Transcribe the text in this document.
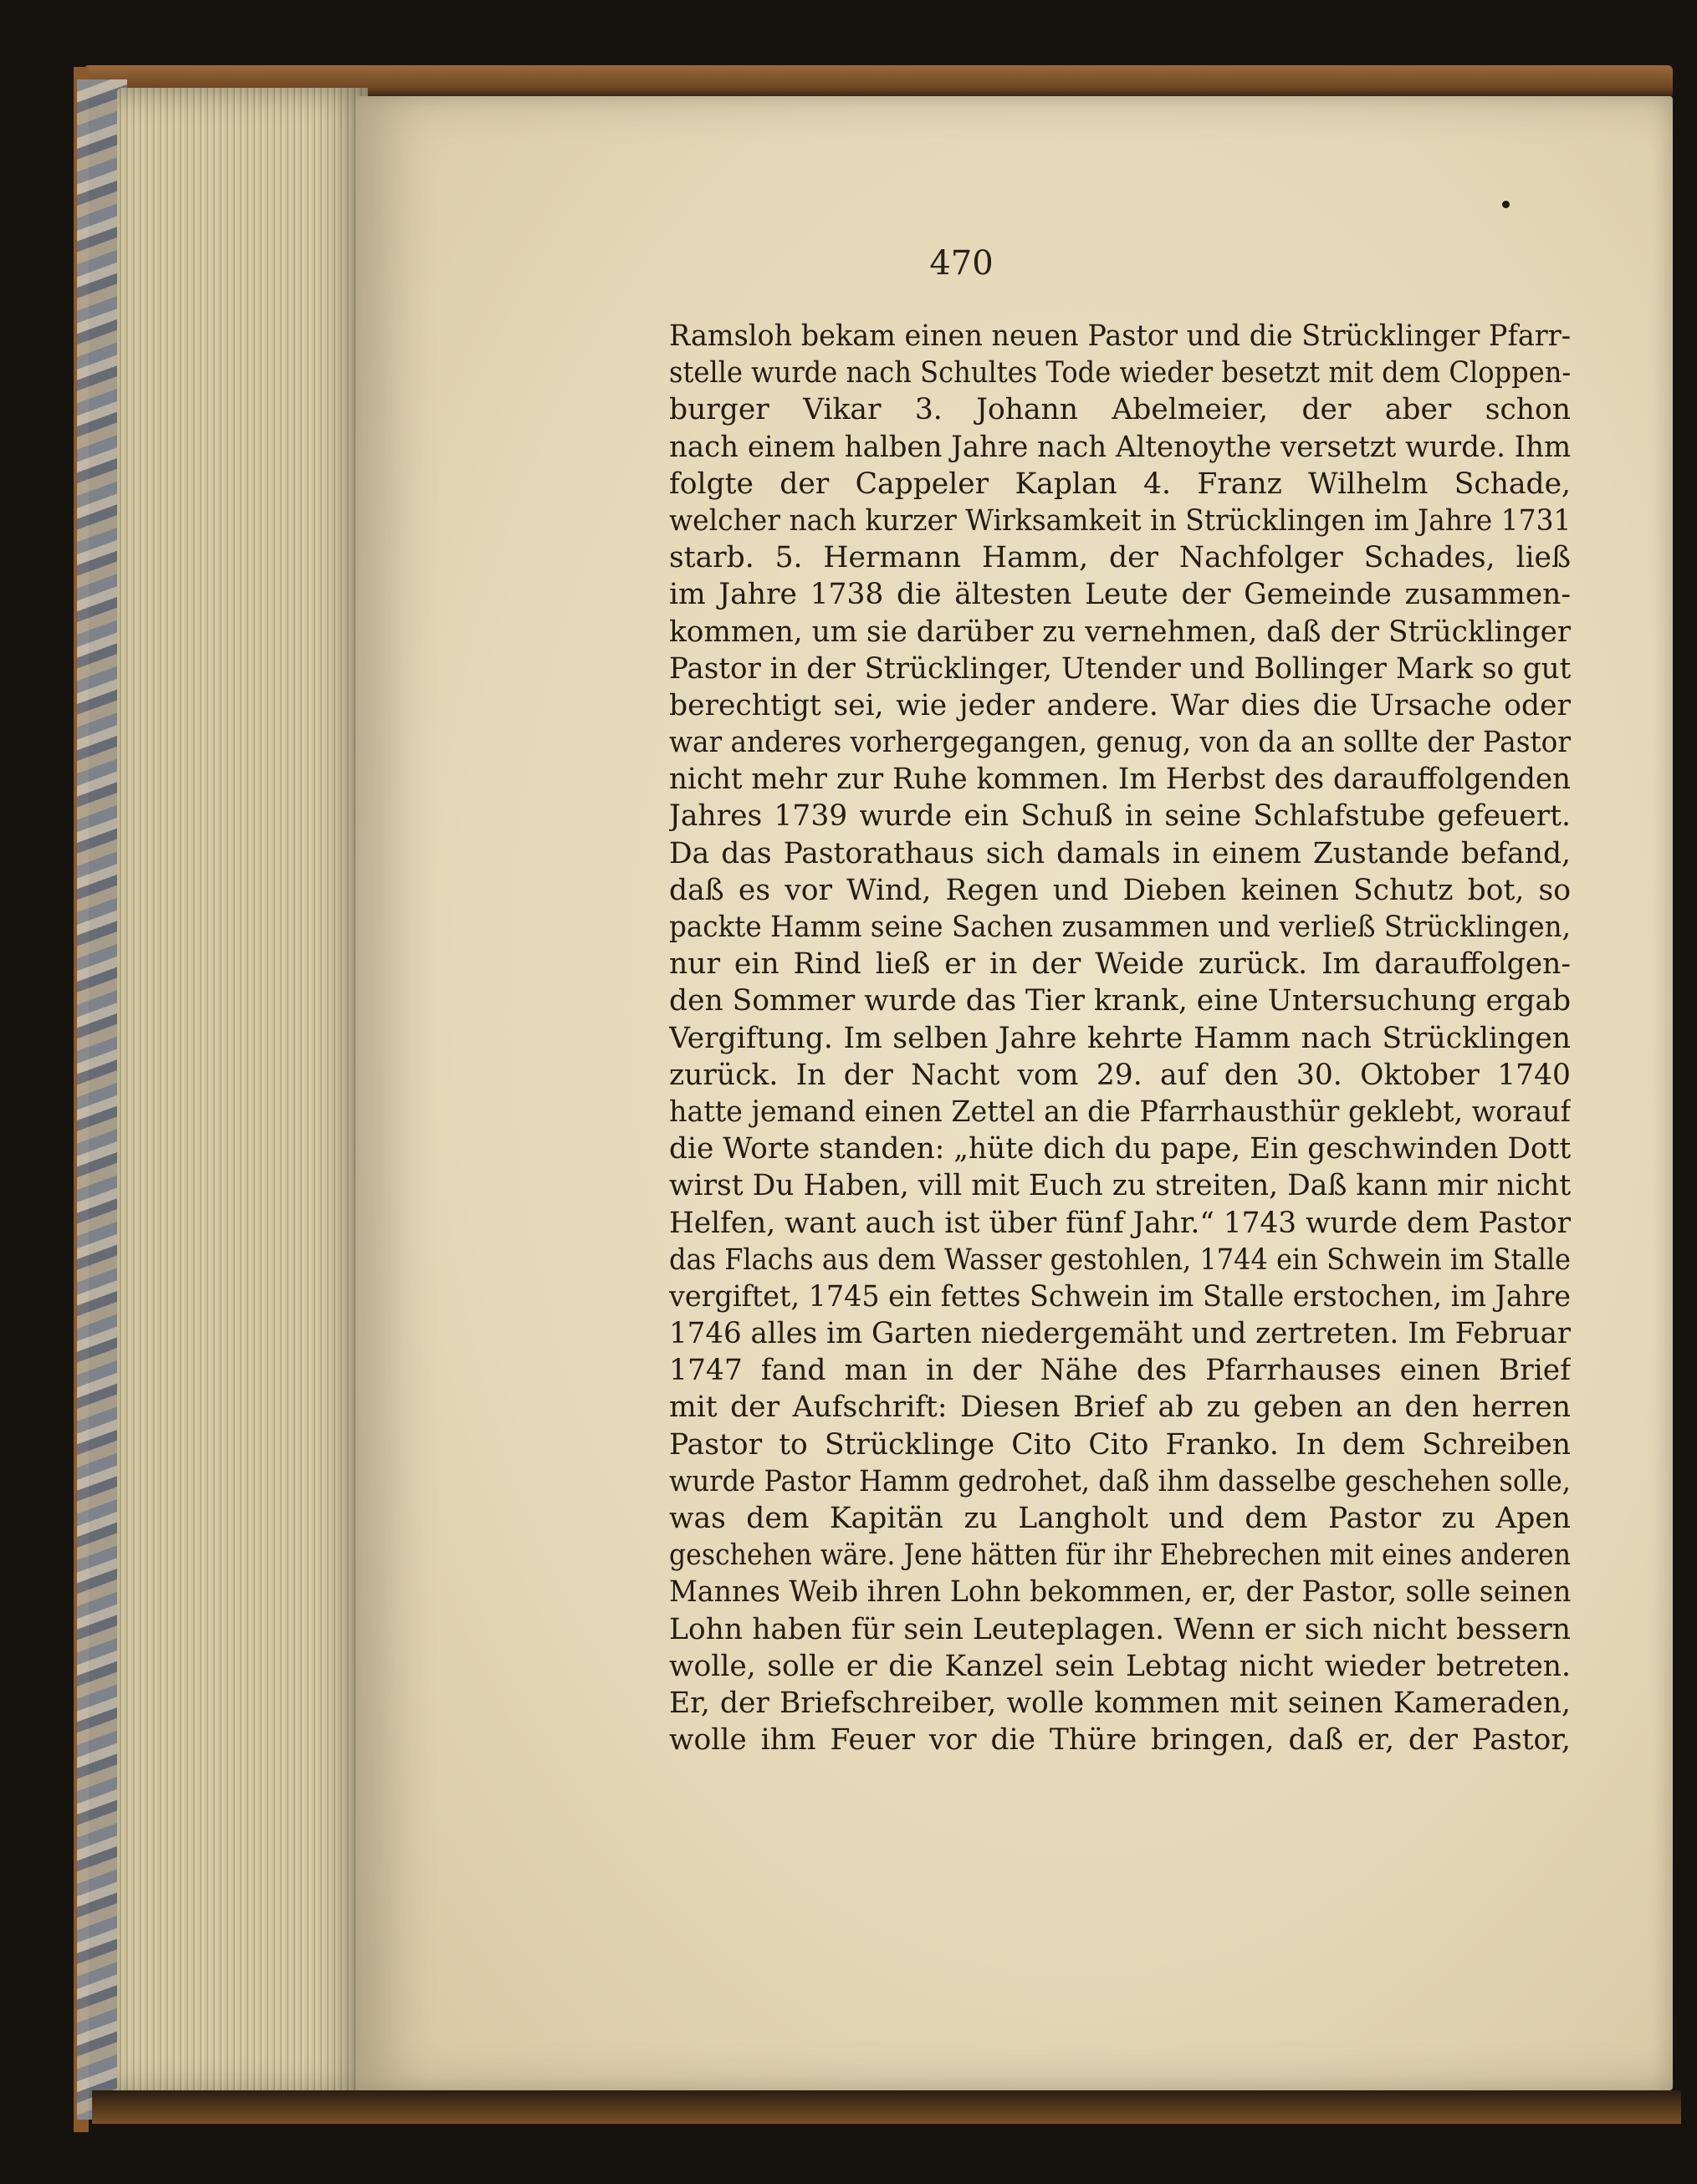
470
Ramsloh bekam einen neuen Pastor und die Strücklinger Pfarr-
stelle wurde nach Schultes Tode wieder besetzt mit dem Cloppen-
burger Vikar 3. Johann Abelmeier, der aber schon
nach einem halben Jahre nach Altenoythe versetzt wurde. Ihm
folgte der Cappeler Kaplan 4. Franz Wilhelm Schade,
welcher nach kurzer Wirksamkeit in Strücklingen im Jahre 1731
starb. 5. Hermann Hamm, der Nachfolger Schades, ließ
im Jahre 1738 die ältesten Leute der Gemeinde zusammen-
kommen, um sie darüber zu vernehmen, daß der Strücklinger
Pastor in der Strücklinger, Utender und Bollinger Mark so gut
berechtigt sei, wie jeder andere. War dies die Ursache oder
war anderes vorhergegangen, genug, von da an sollte der Pastor
nicht mehr zur Ruhe kommen. Im Herbst des darauffolgenden
Jahres 1739 wurde ein Schuß in seine Schlafstube gefeuert.
Da das Pastorathaus sich damals in einem Zustande befand,
daß es vor Wind, Regen und Dieben keinen Schutz bot, so
packte Hamm seine Sachen zusammen und verließ Strücklingen,
nur ein Rind ließ er in der Weide zurück. Im darauffolgen-
den Sommer wurde das Tier krank, eine Untersuchung ergab
Vergiftung. Im selben Jahre kehrte Hamm nach Strücklingen
zurück. In der Nacht vom 29. auf den 30. Oktober 1740
hatte jemand einen Zettel an die Pfarrhausthür geklebt, worauf
die Worte standen: „hüte dich du pape, Ein geschwinden Dott
wirst Du Haben, vill mit Euch zu streiten, Daß kann mir nicht
Helfen, want auch ist über fünf Jahr.“ 1743 wurde dem Pastor
das Flachs aus dem Wasser gestohlen, 1744 ein Schwein im Stalle
vergiftet, 1745 ein fettes Schwein im Stalle erstochen, im Jahre
1746 alles im Garten niedergemäht und zertreten. Im Februar
1747 fand man in der Nähe des Pfarrhauses einen Brief
mit der Aufschrift: Diesen Brief ab zu geben an den herren
Pastor to Strücklinge Cito Cito Franko. In dem Schreiben
wurde Pastor Hamm gedrohet, daß ihm dasselbe geschehen solle,
was dem Kapitän zu Langholt und dem Pastor zu Apen
geschehen wäre. Jene hätten für ihr Ehebrechen mit eines anderen
Mannes Weib ihren Lohn bekommen, er, der Pastor, solle seinen
Lohn haben für sein Leuteplagen. Wenn er sich nicht bessern
wolle, solle er die Kanzel sein Lebtag nicht wieder betreten.
Er, der Briefschreiber, wolle kommen mit seinen Kameraden,
wolle ihm Feuer vor die Thüre bringen, daß er, der Pastor,
